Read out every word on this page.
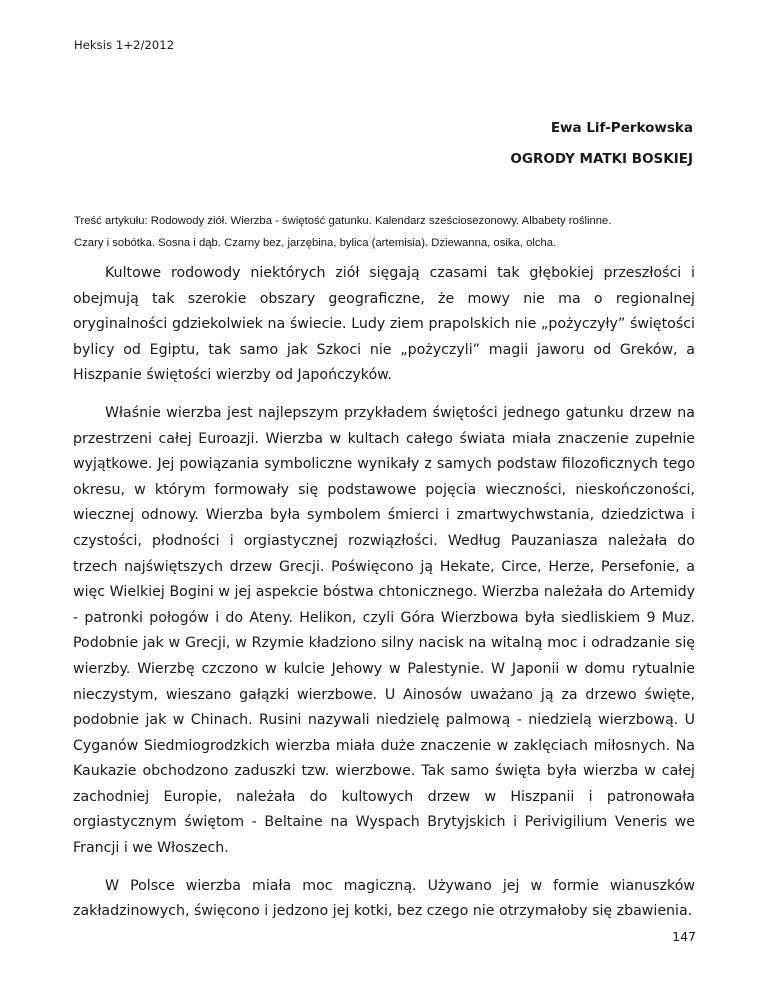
Heksis 1+2/2012
Ewa Lif-Perkowska
OGRODY MATKI BOSKIEJ
Treść artykułu: Rodowody ziół. Wierzba - świętość gatunku. Kalendarz sześciosezonowy. Albabety roślinne.
Czary i sobótka. Sosna i dąb. Czarny bez, jarzębina, bylica (artemisia). Dziewanna, osika, olcha.

Kultowe rodowody niektórych ziół sięgają czasami tak głębokiej przeszłości i obejmują tak szerokie obszary geograficzne, że mowy nie ma o regionalnej oryginalności gdziekolwiek na świecie. Ludy ziem prapolskich nie „pożyczyły” świętości bylicy od Egiptu, tak samo jak Szkoci nie „pożyczyli” magii jaworu od Greków, a Hiszpanie świętości wierzby od Japończyków.

Właśnie wierzba jest najlepszym przykładem świętości jednego gatunku drzew na przestrzeni całej Euroazji. Wierzba w kultach całego świata miała znaczenie zupełnie wyjątkowe. Jej powiązania symboliczne wynikały z samych podstaw filozoficznych tego okresu, w którym formowały się podstawowe pojęcia wieczności, nieskończoności, wiecznej odnowy. Wierzba była symbolem śmierci i zmartwychwstania, dziedzictwa i czystości, płodności i orgiastycznej rozwiązłości. Według Pauzaniasza należała do trzech najświętszych drzew Grecji. Poświęcono ją Hekate, Circe, Herze, Persefonie, a więc Wielkiej Bogini w jej aspekcie bóstwa chtonicznego. Wierzba należała do Artemidy - patronki połogów i do Ateny. Helikon, czyli Góra Wierzbowa była siedliskiem 9 Muz. Podobnie jak w Grecji, w Rzymie kładziono silny nacisk na witalną moc i odradzanie się wierzby. Wierzbę czczono w kulcie Jehowy w Palestynie. W Japonii w domu rytualnie nieczystym, wieszano gałązki wierzbowe. U Ainosów uważano ją za drzewo święte, podobnie jak w Chinach. Rusini nazywali niedzielę palmową - niedzielą wierzbową. U Cyganów Siedmiogrodzkich wierzba miała duże znaczenie w zaklęciach miłosnych. Na Kaukazie obchodzono zaduszki tzw. wierzbowe. Tak samo święta była wierzba w całej zachodniej Europie, należała do kultowych drzew w Hiszpanii i patronowała orgiastycznym świętom - Beltaine na Wyspach Brytyjskich i Perivigilium Veneris we Francji i we Włoszech.

W Polsce wierzba miała moc magiczną. Używano jej w formie wianuszków zakładzinowych, święcono i jedzono jej kotki, bez czego nie otrzymałoby się zbawienia.

147
